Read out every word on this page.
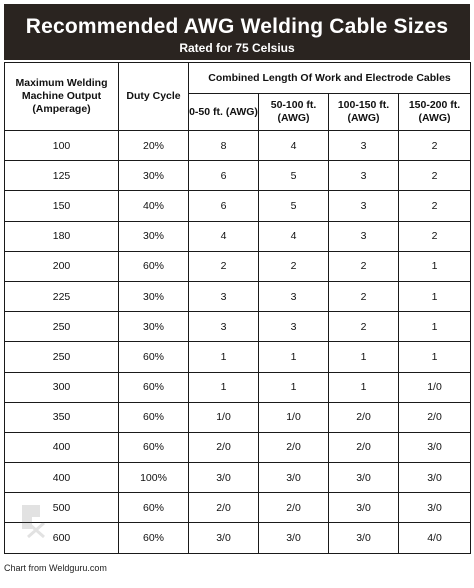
Recommended AWG Welding Cable Sizes
Rated for 75 Celsius
Maximum Welding Machine Output (Amperage)	Duty Cycle	Combined Length Of Work and Electrode Cables			
		0-50 ft. (AWG)	50-100 ft. (AWG)	100-150 ft. (AWG)	150-200 ft. (AWG)
100	20%	8	4	3	2
125	30%	6	5	3	2
150	40%	6	5	3	2
180	30%	4	4	3	2
200	60%	2	2	2	1
225	30%	3	3	2	1
250	30%	3	3	2	1
250	60%	1	1	1	1
300	60%	1	1	1	1/0
350	60%	1/0	1/0	2/0	2/0
400	60%	2/0	2/0	2/0	3/0
400	100%	3/0	3/0	3/0	3/0
500	60%	2/0	2/0	3/0	3/0
600	60%	3/0	3/0	3/0	4/0
Chart from Weldguru.com
